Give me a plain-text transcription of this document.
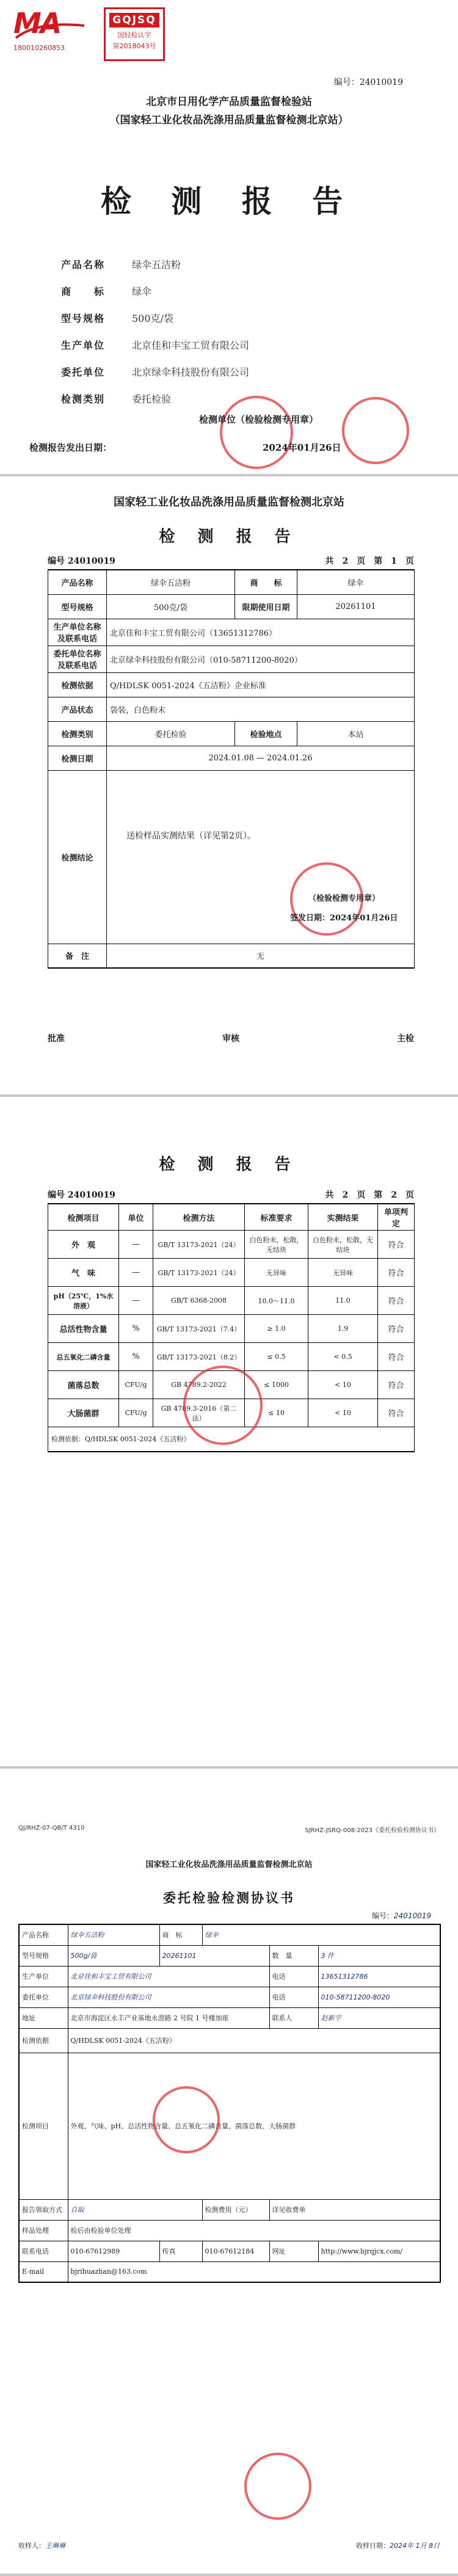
MA
180010260853
GQJSQ
国轻检认字
第2018043号
编号：24010019
北京市日用化学产品质量监督检验站
（国家轻工业化妆品洗涤用品质量监督检测北京站）
检 测 报 告
产品名称	绿伞五洁粉
商　　标	绿伞
型号规格	500克/袋
生产单位	北京佳和丰宝工贸有限公司
委托单位	北京绿伞科技股份有限公司
检测类别	委托检验
检测单位（检验检测专用章）
检测报告发出日期：	2024年01月26日
国家轻工业化妆品洗涤用品质量监督检测北京站
检 测 报 告
编号 24010019	共 2 页 第 1 页
产品名称	绿伞五洁粉	商　　标	绿伞
型号规格	500克/袋	限期使用日期	20261101
生产单位名称及联系电话	北京佳和丰宝工贸有限公司（13651312786）		
委托单位名称及联系电话	北京绿伞科技股份有限公司（010-58711200-8020）		
检测依据	Q/HDLSK 0051-2024《五洁粉》企业标准		
产品状态	袋装，白色粉末		
检测类别	委托检验	检验地点	本站
检测日期	2024.01.08 — 2024.01.26		
检测结论	送检样品实测结果（详见第2页）。
（检验检测专用章）
签发日期：2024年01月26日		

备　注	无		
批准	审核	主检
检 测 报 告
编号 24010019	共 2 页 第 2 页
检测项目	单位	检测方法	标准要求	实测结果	单项判定
外　观	—	GB/T 13173-2021（24）	白色粉末，松散，无结块	白色粉末，松散，无结块	符合
气　味	—	GB/T 13173-2021（24）	无异味	无异味	符合
pH（25℃，1%水溶液）	—	GB/T 6368-2008	10.0～11.0	11.0	符合
总活性物含量	%	GB/T 13173-2021（7.4）	≥ 1.0	1.9	符合
总五氧化二磷含量	%	GB/T 13173-2021（8.2）	≤ 0.5	< 0.5	符合
菌落总数	CFU/g	GB 4789.2-2022	≤ 1000	< 10	符合
大肠菌群	CFU/g	GB 4789.3-2016（第二法）	≤ 10	< 10	符合
检测依据：Q/HDLSK 0051-2024《五洁粉》					
QJ/RHZ-07-QB/T 4310	SJRHZ-JSRQ-008-2023《委托检验检测协议书》
国家轻工业化妆品洗涤用品质量监督检测北京站
委托检验检测协议书
编号：24010019
产品名称	绿伞五洁粉	商　标	绿伞		
型号规格	500g/袋	20261101		数　量	3 件
生产单位	北京佳和丰宝工贸有限公司			电话	13651312786
委托单位	北京绿伞科技股份有限公司			电话	010-58711200-8020
地址	北京市海淀区永丰产业基地永澄路 2 号院 1 号楼加座			联系人	赵新宇
检测依据	Q/HDLSK 0051-2024《五洁粉》				
检测项目	外观、气味、pH、总活性物含量、总五氧化二磷含量、菌落总数、大肠菌群				
报告领取方式	自取		检测费用（元）	详见收费单	
样品处理	检后由检验单位处理				
联系电话	010-67612989	传真	010-67612184	网址	http://www.bjrqjcx.com/
E-mail	bjrihuazhan@163.com				
收样人：王琳琳	收样日期：2024年 1月 8日
